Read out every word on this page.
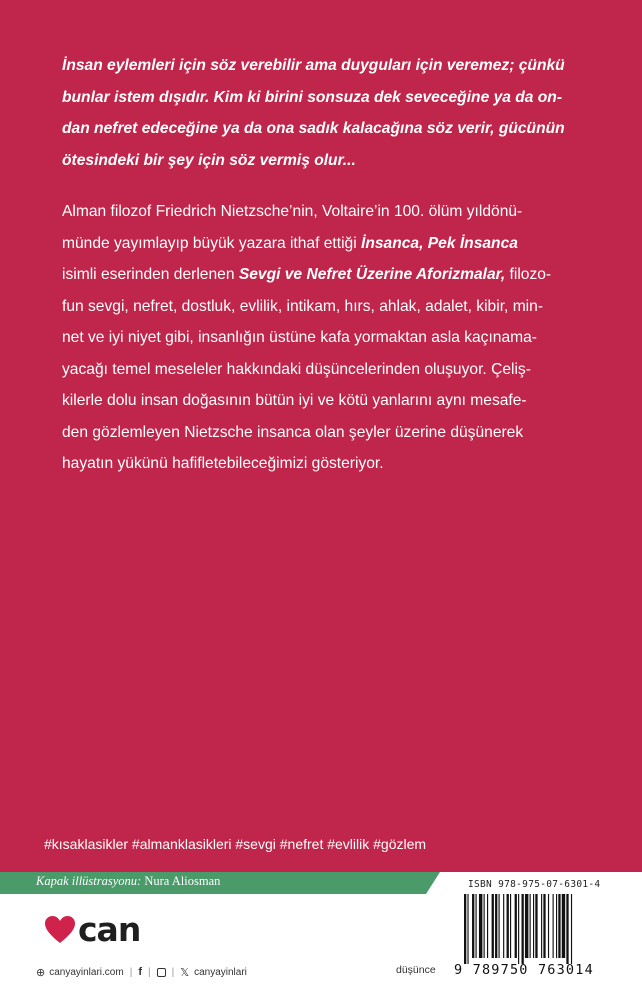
İnsan eylemleri için söz verebilir ama duyguları için veremez; çünkü
bunlar istem dışıdır. Kim ki birini sonsuza dek seveceğine ya da on-
dan nefret edeceğine ya da ona sadık kalacağına söz verir, gücünün
ötesindeki bir şey için söz vermiş olur...
Alman filozof Friedrich Nietzsche’nin, Voltaire’in 100. ölüm yıldönü-
münde yayımlayıp büyük yazara ithaf ettiği İnsanca, Pek İnsanca
isimli eserinden derlenen Sevgi ve Nefret Üzerine Aforizmalar, filozo-
fun sevgi, nefret, dostluk, evlilik, intikam, hırs, ahlak, adalet, kibir, min-
net ve iyi niyet gibi, insanlığın üstüne kafa yormaktan asla kaçınama-
yacağı temel meseleler hakkındaki düşüncelerinden oluşuyor. Çeliş-
kilerle dolu insan doğasının bütün iyi ve kötü yanlarını aynı mesafe-
den gözlemleyen Nietzsche insanca olan şeyler üzerine düşünerek
hayatın yükünü hafifletebileceğimizi gösteriyor.
#kısaklasikler #almanklasikleri #sevgi #nefret #evlilik #gözlem
Kapak illüstrasyonu: Nura Aliosman
can
⊕ canyayinlari.com | f | | 𝕏 canyayinlari	düşünce
ISBN 978-975-07-6301-4
9 789750 763014
